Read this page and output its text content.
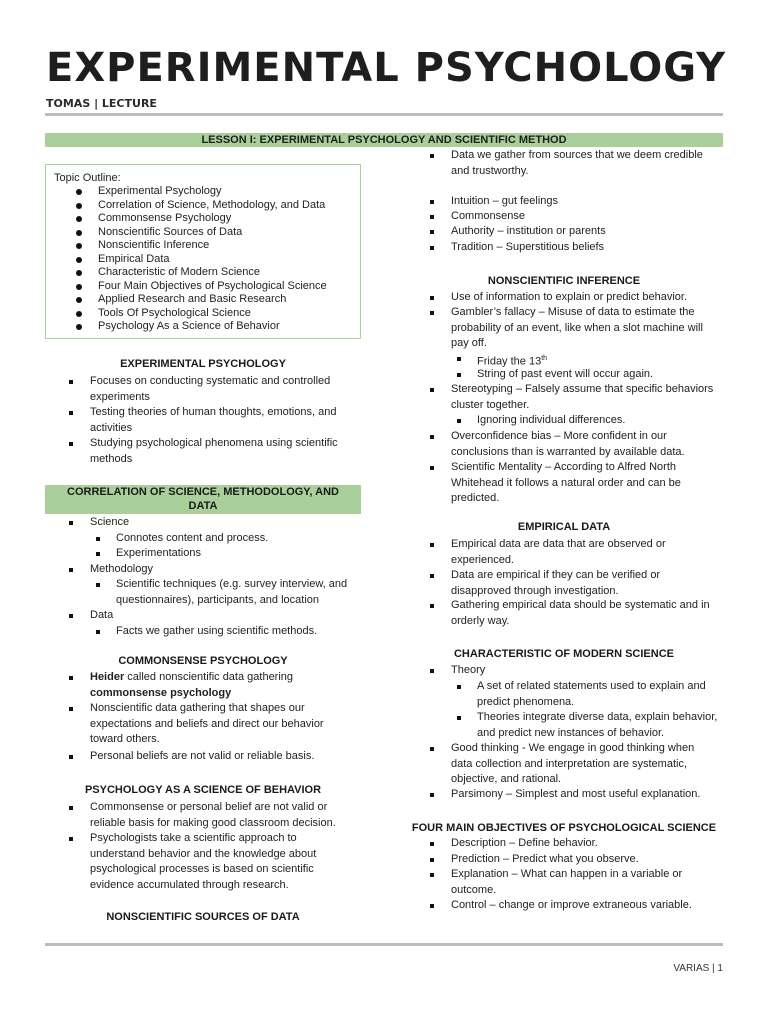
EXPERIMENTAL PSYCHOLOGY
TOMAS | LECTURE
LESSON I: EXPERIMENTAL PSYCHOLOGY AND SCIENTIFIC METHOD
Topic Outline:
Experimental Psychology
Correlation of Science, Methodology, and Data
Commonsense Psychology
Nonscientific Sources of Data
Nonscientific Inference
Empirical Data
Characteristic of Modern Science
Four Main Objectives of Psychological Science
Applied Research and Basic Research
Tools Of Psychological Science
Psychology As a Science of Behavior
EXPERIMENTAL PSYCHOLOGY
Focuses on conducting systematic and controlled experiments
Testing theories of human thoughts, emotions, and activities
Studying psychological phenomena using scientific methods
CORRELATION OF SCIENCE, METHODOLOGY, AND
DATA
Science
Connotes content and process.
Experimentations
Methodology
Scientific techniques (e.g. survey interview, and questionnaires), participants, and location
Data
Facts we gather using scientific methods.
COMMONSENSE PSYCHOLOGY
Heider called nonscientific data gathering
commonsense psychology
Nonscientific data gathering that shapes our expectations and beliefs and direct our behavior toward others.
Personal beliefs are not valid or reliable basis.
PSYCHOLOGY AS A SCIENCE OF BEHAVIOR
Commonsense or personal belief are not valid or reliable basis for making good classroom decision.
Psychologists take a scientific approach to understand behavior and the knowledge about psychological processes is based on scientific evidence accumulated through research.
NONSCIENTIFIC SOURCES OF DATA
Data we gather from sources that we deem credible and trustworthy.
Intuition – gut feelings
Commonsense
Authority – institution or parents
Tradition – Superstitious beliefs
NONSCIENTIFIC INFERENCE
Use of information to explain or predict behavior.
Gambler’s fallacy – Misuse of data to estimate the probability of an event, like when a slot machine will pay off.
Friday the 13th
String of past event will occur again.
Stereotyping – Falsely assume that specific behaviors cluster together.
Ignoring individual differences.
Overconfidence bias – More confident in our conclusions than is warranted by available data.
Scientific Mentality – According to Alfred North Whitehead it follows a natural order and can be predicted.
EMPIRICAL DATA
Empirical data are data that are observed or experienced.
Data are empirical if they can be verified or disapproved through investigation.
Gathering empirical data should be systematic and in orderly way.
CHARACTERISTIC OF MODERN SCIENCE
Theory
A set of related statements used to explain and predict phenomena.
Theories integrate diverse data, explain behavior, and predict new instances of behavior.
Good thinking - We engage in good thinking when data collection and interpretation are systematic, objective, and rational.
Parsimony – Simplest and most useful explanation.
FOUR MAIN OBJECTIVES OF PSYCHOLOGICAL SCIENCE
Description – Define behavior.
Prediction – Predict what you observe.
Explanation – What can happen in a variable or outcome.
Control – change or improve extraneous variable.
VARIAS | 1
